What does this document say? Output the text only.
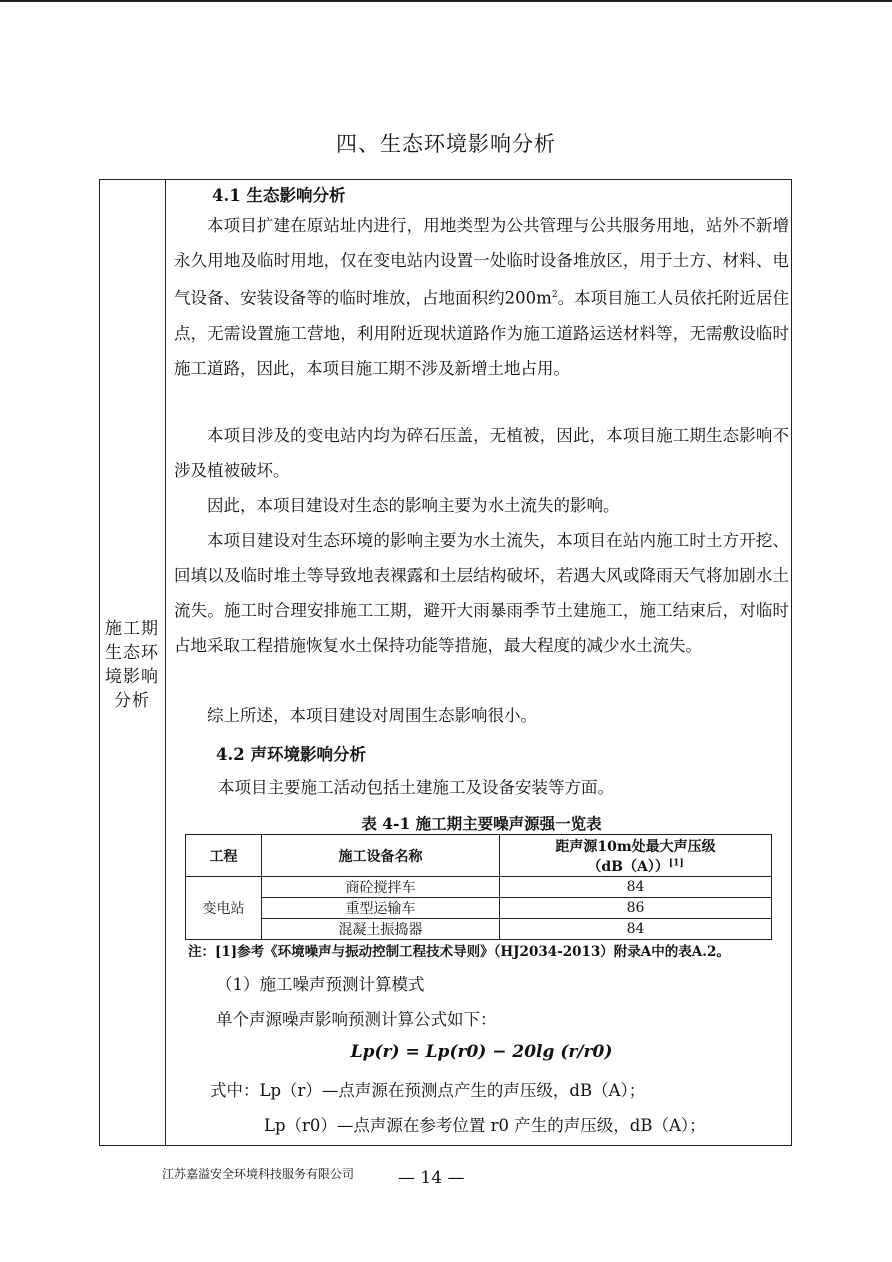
四、生态环境影响分析
施工期生态环境影响分析
4.1 生态影响分析
本项目扩建在原站址内进行，用地类型为公共管理与公共服务用地，站外不新增永久用地及临时用地，仅在变电站内设置一处临时设备堆放区，用于土方、材料、电气设备、安装设备等的临时堆放，占地面积约$200m^2$。本项目施工人员依托附近居住点，无需设置施工营地，利用附近现状道路作为施工道路运送材料等，无需敷设临时施工道路，因此，本项目施工期不涉及新增土地占用。
本项目涉及的变电站内均为碎石压盖，无植被，因此，本项目施工期生态影响不涉及植被破坏。
因此，本项目建设对生态的影响主要为水土流失的影响。
本项目建设对生态环境的影响主要为水土流失，本项目在站内施工时土方开挖、回填以及临时堆土等导致地表裸露和土层结构破坏，若遇大风或降雨天气将加剧水土流失。施工时合理安排施工工期，避开大雨暴雨季节土建施工，施工结束后，对临时占地采取工程措施恢复水土保持功能等措施，最大程度的减少水土流失。
综上所述，本项目建设对周围生态影响很小。
4.2 声环境影响分析
本项目主要施工活动包括土建施工及设备安装等方面。
表 4-1 施工期主要噪声源强一览表
工程	施工设备名称	距声源10m处最大声压级
（dB（A））[1]

变电站	商砼搅拌车	84
	重型运输车	86
	混凝土振捣器	84
注：[1]参考《环境噪声与振动控制工程技术导则》（HJ2034-2013）附录A中的表A.2。
（1）施工噪声预测计算模式
单个声源噪声影响预测计算公式如下：
Lp(r) = Lp(r0) − 20lg (r/r0)
式中：Lp（r）—点声源在预测点产生的声压级，dB（A）；
Lp（r0）—点声源在参考位置 r0 产生的声压级，dB（A）；
江苏嘉溢安全环境科技服务有限公司	— 14 —
